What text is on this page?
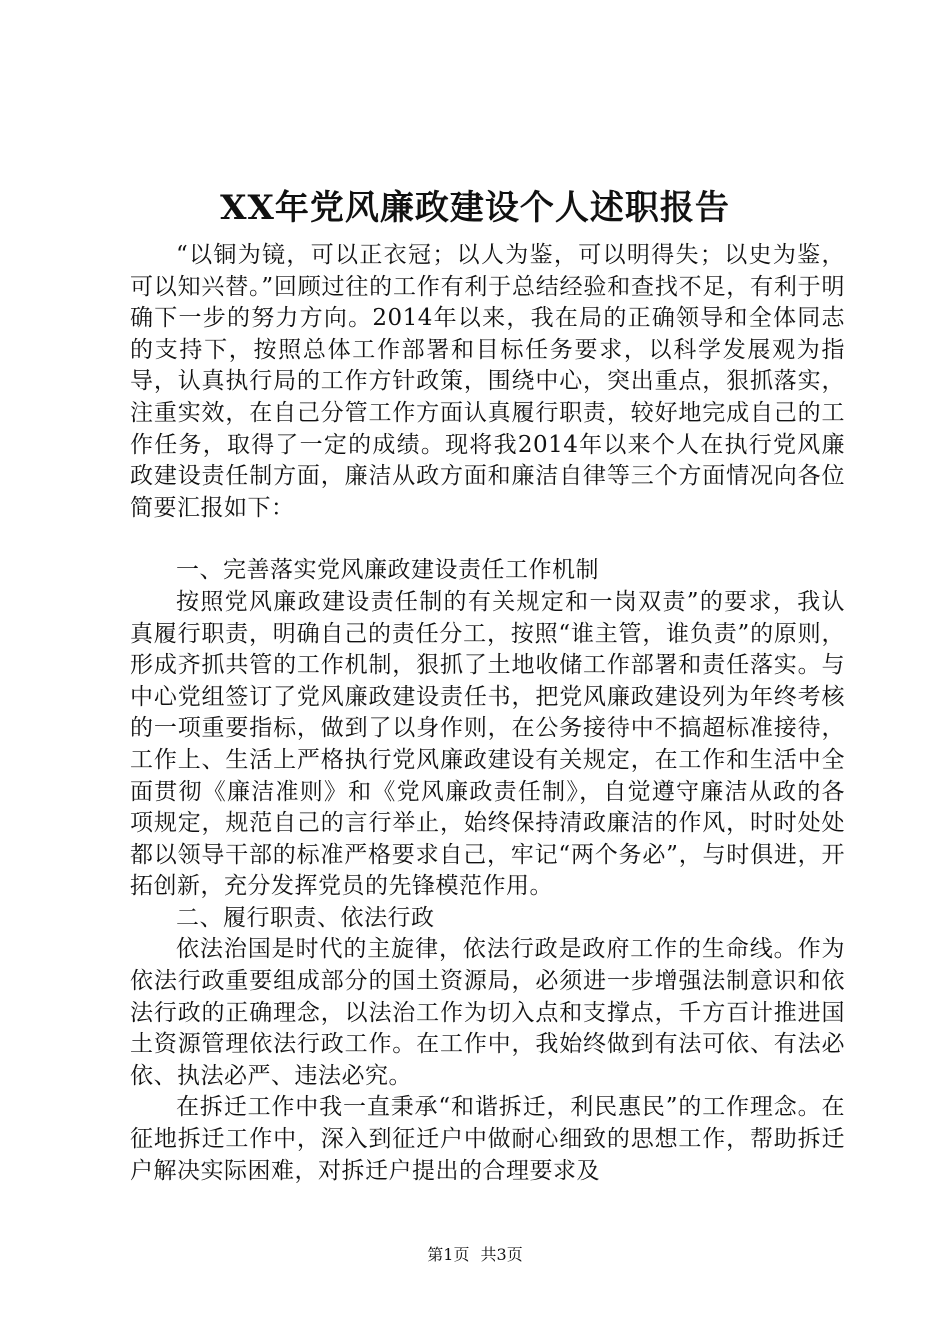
XX年党风廉政建设个人述职报告

“以铜为镜，可以正衣冠；以人为鉴，可以明得失；以史为鉴，可以知兴替。”回顾过往的工作有利于总结经验和查找不足，有利于明确下一步的努力方向。2014年以来，我在局的正确领导和全体同志的支持下，按照总体工作部署和目标任务要求，以科学发展观为指导，认真执行局的工作方针政策，围绕中心，突出重点，狠抓落实，注重实效，在自己分管工作方面认真履行职责，较好地完成自己的工作任务，取得了一定的成绩。现将我2014年以来个人在执行党风廉政建设责任制方面，廉洁从政方面和廉洁自律等三个方面情况向各位简要汇报如下：

一、完善落实党风廉政建设责任工作机制

按照党风廉政建设责任制的有关规定和一岗双责”的要求，我认真履行职责，明确自己的责任分工，按照“谁主管，谁负责”的原则，形成齐抓共管的工作机制，狠抓了土地收储工作部署和责任落实。与中心党组签订了党风廉政建设责任书，把党风廉政建设列为年终考核的一项重要指标，做到了以身作则，在公务接待中不搞超标准接待，工作上、生活上严格执行党风廉政建设有关规定，在工作和生活中全面贯彻《廉洁准则》和《党风廉政责任制》，自觉遵守廉洁从政的各项规定，规范自己的言行举止，始终保持清政廉洁的作风，时时处处都以领导干部的标准严格要求自己，牢记“两个务必”，与时俱进，开拓创新，充分发挥党员的先锋模范作用。

二、履行职责、依法行政

依法治国是时代的主旋律，依法行政是政府工作的生命线。作为依法行政重要组成部分的国土资源局，必须进一步增强法制意识和依法行政的正确理念，以法治工作为切入点和支撑点，千方百计推进国土资源管理依法行政工作。在工作中，我始终做到有法可依、有法必依、执法必严、违法必究。

在拆迁工作中我一直秉承“和谐拆迁，利民惠民”的工作理念。在征地拆迁工作中，深入到征迁户中做耐心细致的思想工作，帮助拆迁户解决实际困难，对拆迁户提出的合理要求及

第1页 共3页
